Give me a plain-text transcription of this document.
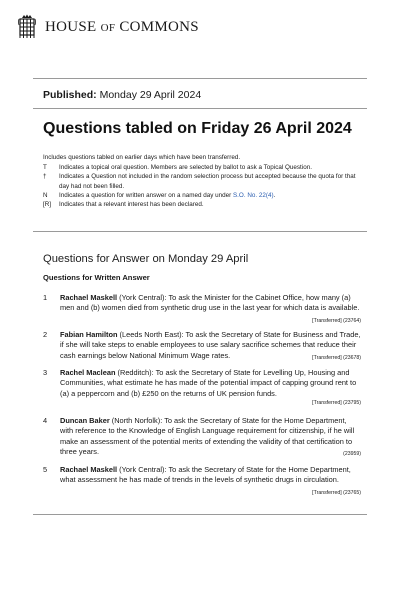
HOUSE OF COMMONS
Published: Monday 29 April 2024
Questions tabled on Friday 26 April 2024
Includes questions tabled on earlier days which have been transferred.
T	Indicates a topical oral question. Members are selected by ballot to ask a Topical Question.
†	Indicates a Question not included in the random selection process but accepted because the quota for that day had not been filled.
N	Indicates a question for written answer on a named day under S.O. No. 22(4).
[R]	Indicates that a relevant interest has been declared.
Questions for Answer on Monday 29 April
Questions for Written Answer
1	Rachael Maskell (York Central): To ask the Minister for the Cabinet Office, how many (a) men and (b) women died from synthetic drug use in the last year for which data is available.
[Transferred] (23764)
2	Fabian Hamilton (Leeds North East): To ask the Secretary of State for Business and Trade, if she will take steps to enable employees to use salary sacrifice schemes that reduce their cash earnings below National Minimum Wage rates.	[Transferred] (23678)
3	Rachel Maclean (Redditch): To ask the Secretary of State for Levelling Up, Housing and Communities, what estimate he has made of the potential impact of capping ground rent to (a) a peppercorn and (b) £250 on the returns of UK pension funds.
[Transferred] (23795)
4	Duncan Baker (North Norfolk): To ask the Secretary of State for the Home Department, with reference to the Knowledge of English Language requirement for citizenship, if he will make an assessment of the potential merits of extending the validity of that certification to three years.	(23959)
5	Rachael Maskell (York Central): To ask the Secretary of State for the Home Department, what assessment he has made of trends in the levels of synthetic drugs in circulation.
[Transferred] (23765)
